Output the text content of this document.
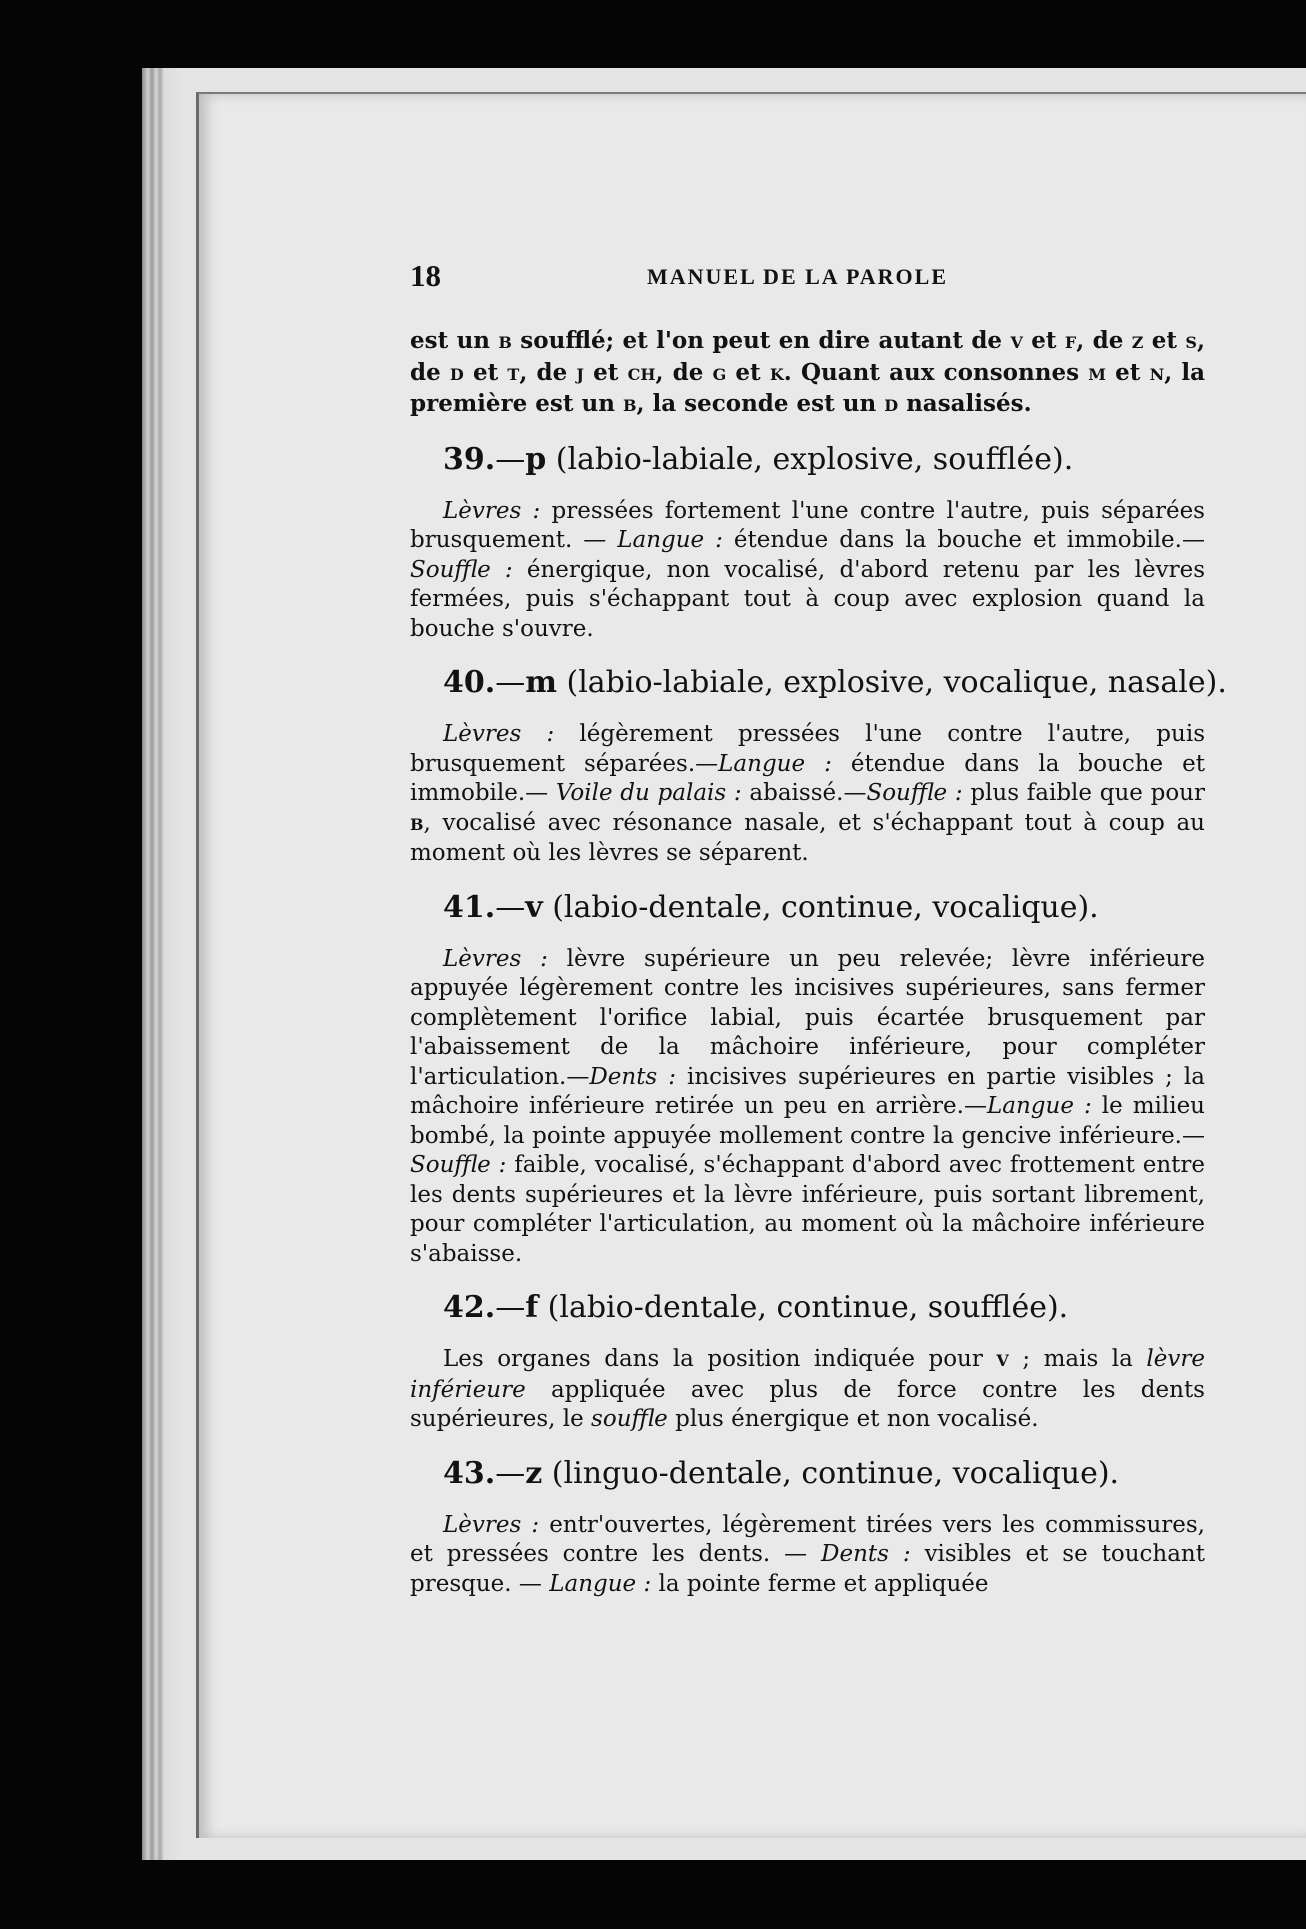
18	MANUEL DE LA PAROLE

est un B soufflé; et l'on peut en dire autant de V et F, de Z et S, de D et T, de J et CH, de G et K. Quant aux consonnes M et N, la première est un B, la seconde est un D nasalisés.

39.—p (labio-labiale, explosive, soufflée).

Lèvres : pressées fortement l'une contre l'autre, puis séparées brusquement. — Langue : étendue dans la bouche et immobile.—Souffle : énergique, non vocalisé, d'abord retenu par les lèvres fermées, puis s'échappant tout à coup avec explosion quand la bouche s'ouvre.

40.—m (labio-labiale, explosive, vocalique, nasale).

Lèvres : légèrement pressées l'une contre l'autre, puis brusquement séparées.—Langue : étendue dans la bouche et immobile.— Voile du palais : abaissé.—Souffle : plus faible que pour B, vocalisé avec résonance nasale, et s'échappant tout à coup au moment où les lèvres se séparent.

41.—v (labio-dentale, continue, vocalique).

Lèvres : lèvre supérieure un peu relevée; lèvre inférieure appuyée légèrement contre les incisives supérieures, sans fermer complètement l'orifice labial, puis écartée brusquement par l'abaissement de la mâchoire inférieure, pour compléter l'articulation.—Dents : incisives supérieures en partie visibles ; la mâchoire inférieure retirée un peu en arrière.—Langue : le milieu bombé, la pointe appuyée mollement contre la gencive inférieure.—Souffle : faible, vocalisé, s'échappant d'abord avec frottement entre les dents supérieures et la lèvre inférieure, puis sortant librement, pour compléter l'articulation, au moment où la mâchoire inférieure s'abaisse.

42.—f (labio-dentale, continue, soufflée).

Les organes dans la position indiquée pour V ; mais la lèvre inférieure appliquée avec plus de force contre les dents supérieures, le souffle plus énergique et non vocalisé.

43.—z (linguo-dentale, continue, vocalique).

Lèvres : entr'ouvertes, légèrement tirées vers les commissures, et pressées contre les dents. — Dents : visibles et se touchant presque. — Langue : la pointe ferme et appliquée
